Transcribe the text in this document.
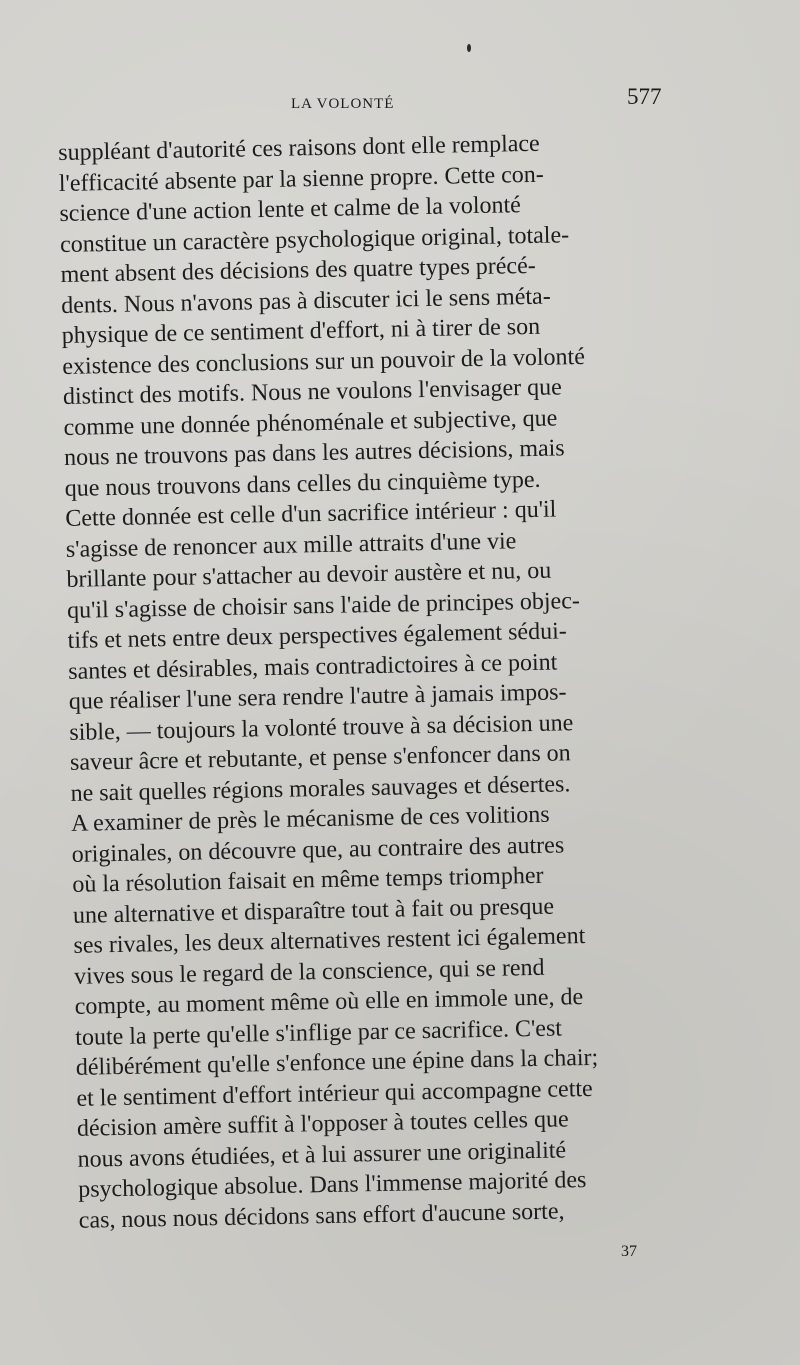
LA VOLONTÉ	577
suppléant d'autorité ces raisons dont elle remplace
l'efficacité absente par la sienne propre. Cette con-
science d'une action lente et calme de la volonté
constitue un caractère psychologique original, totale-
ment absent des décisions des quatre types précé-
dents. Nous n'avons pas à discuter ici le sens méta-
physique de ce sentiment d'effort, ni à tirer de son
existence des conclusions sur un pouvoir de la volonté
distinct des motifs. Nous ne voulons l'envisager que
comme une donnée phénoménale et subjective, que
nous ne trouvons pas dans les autres décisions, mais
que nous trouvons dans celles du cinquième type.
Cette donnée est celle d'un sacrifice intérieur : qu'il
s'agisse de renoncer aux mille attraits d'une vie
brillante pour s'attacher au devoir austère et nu, ou
qu'il s'agisse de choisir sans l'aide de principes objec-
tifs et nets entre deux perspectives également sédui-
santes et désirables, mais contradictoires à ce point
que réaliser l'une sera rendre l'autre à jamais impos-
sible, — toujours la volonté trouve à sa décision une
saveur âcre et rebutante, et pense s'enfoncer dans on
ne sait quelles régions morales sauvages et désertes.
A examiner de près le mécanisme de ces volitions
originales, on découvre que, au contraire des autres
où la résolution faisait en même temps triompher
une alternative et disparaître tout à fait ou presque
ses rivales, les deux alternatives restent ici également
vives sous le regard de la conscience, qui se rend
compte, au moment même où elle en immole une, de
toute la perte qu'elle s'inflige par ce sacrifice. C'est
délibérément qu'elle s'enfonce une épine dans la chair;
et le sentiment d'effort intérieur qui accompagne cette
décision amère suffit à l'opposer à toutes celles que
nous avons étudiées, et à lui assurer une originalité
psychologique absolue. Dans l'immense majorité des
cas, nous nous décidons sans effort d'aucune sorte,
37
